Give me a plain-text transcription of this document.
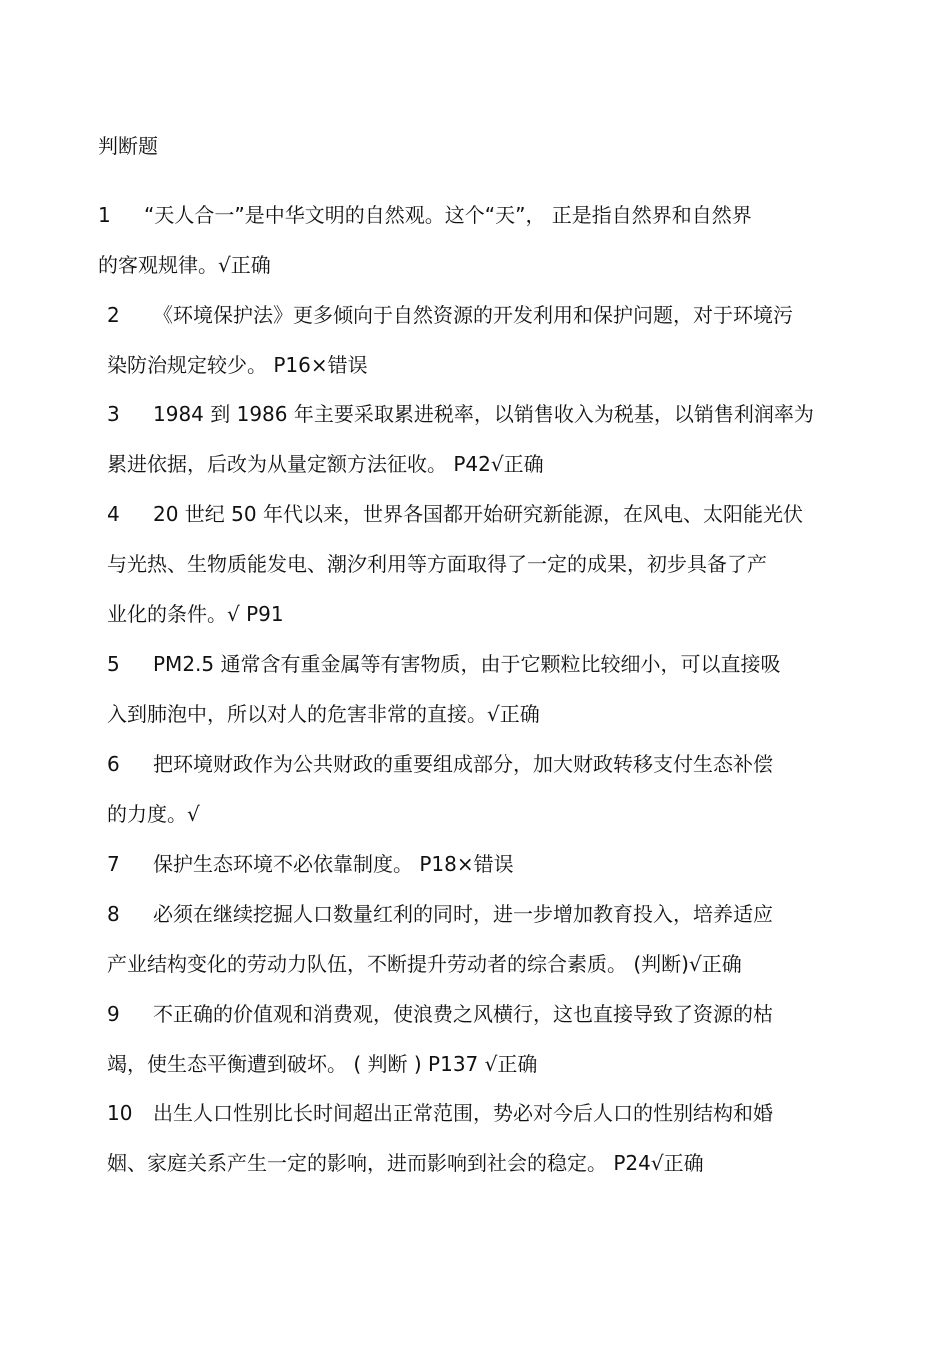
判断题
1 “天人合一”是中华文明的自然观。这个“天”， 正是指自然界和自然界
的客观规律。√正确
2 《环境保护法》更多倾向于自然资源的开发利用和保护问题，对于环境污
染防治规定较少。 P16×错误
3 1984 到 1986 年主要采取累进税率，以销售收入为税基，以销售利润率为
累进依据，后改为从量定额方法征收。 P42√正确
4 20 世纪 50 年代以来，世界各国都开始研究新能源，在风电、太阳能光伏
与光热、生物质能发电、潮汐利用等方面取得了一定的成果，初步具备了产
业化的条件。√ P91
5 PM2.5 通常含有重金属等有害物质，由于它颗粒比较细小，可以直接吸
入到肺泡中，所以对人的危害非常的直接。√正确
6 把环境财政作为公共财政的重要组成部分，加大财政转移支付生态补偿
的力度。√
7 保护生态环境不必依靠制度。 P18×错误
8 必须在继续挖掘人口数量红利的同时，进一步增加教育投入，培养适应
产业结构变化的劳动力队伍，不断提升劳动者的综合素质。 (判断)√正确
9 不正确的价值观和消费观，使浪费之风横行，这也直接导致了资源的枯
竭，使生态平衡遭到破坏。 ( 判断 ) P137 √正确
10 出生人口性别比长时间超出正常范围，势必对今后人口的性别结构和婚
姻、家庭关系产生一定的影响，进而影响到社会的稳定。 P24√正确
